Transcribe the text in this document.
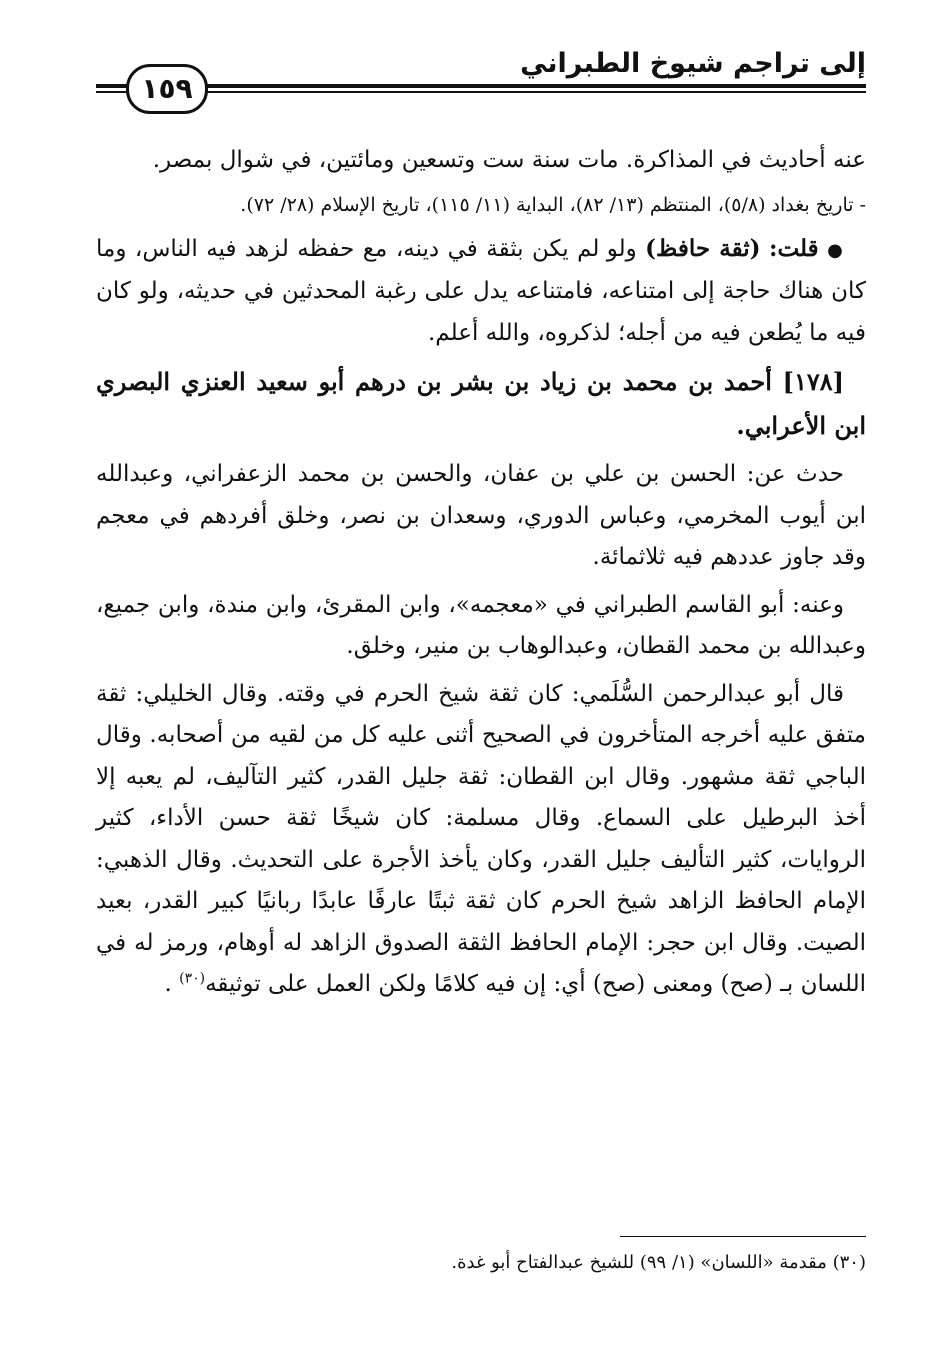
إلى تراجم شيوخ الطبراني
١٥٩

عنه أحاديث في المذاكرة. مات سنة ست وتسعين ومائتين، في شوال بمصر.

- تاريخ بغداد (٥/٨)، المنتظم (١٣/ ٨٢)، البداية (١١/ ١١٥)، تاريخ الإسلام (٢٨/ ٧٢).

● قلت: (ثقة حافظ) ولو لم يكن بثقة في دينه، مع حفظه لزهد فيه الناس، وما كان هناك حاجة إلى امتناعه، فامتناعه يدل على رغبة المحدثين في حديثه، ولو كان فيه ما يُطعن فيه من أجله؛ لذكروه، والله أعلم.

[١٧٨] أحمد بن محمد بن زياد بن بشر بن درهم أبو سعيد العنزي البصري ابن الأعرابي.

حدث عن: الحسن بن علي بن عفان، والحسن بن محمد الزعفراني، وعبدالله ابن أيوب المخرمي، وعباس الدوري، وسعدان بن نصر، وخلق أفردهم في معجم وقد جاوز عددهم فيه ثلاثمائة.

وعنه: أبو القاسم الطبراني في «معجمه»، وابن المقرئ، وابن مندة، وابن جميع، وعبدالله بن محمد القطان، وعبدالوهاب بن منير، وخلق.

قال أبو عبدالرحمن السُّلَمي: كان ثقة شيخ الحرم في وقته. وقال الخليلي: ثقة متفق عليه أخرجه المتأخرون في الصحيح أثنى عليه كل من لقيه من أصحابه. وقال الباجي ثقة مشهور. وقال ابن القطان: ثقة جليل القدر، كثير التآليف، لم يعبه إلا أخذ البرطيل على السماع. وقال مسلمة: كان شيخًا ثقة حسن الأداء، كثير الروايات، كثير التأليف جليل القدر، وكان يأخذ الأجرة على التحديث. وقال الذهبي: الإمام الحافظ الزاهد شيخ الحرم كان ثقة ثبتًا عارفًا عابدًا ربانيًا كبير القدر، بعيد الصيت. وقال ابن حجر: الإمام الحافظ الثقة الصدوق الزاهد له أوهام، ورمز له في اللسان بـ (صح) ومعنى (صح) أي: إن فيه كلامًا ولكن العمل على توثيقه$^{(٣٠)}$ .

(٣٠) مقدمة «اللسان» (١/ ٩٩) للشيخ عبدالفتاح أبو غدة.
